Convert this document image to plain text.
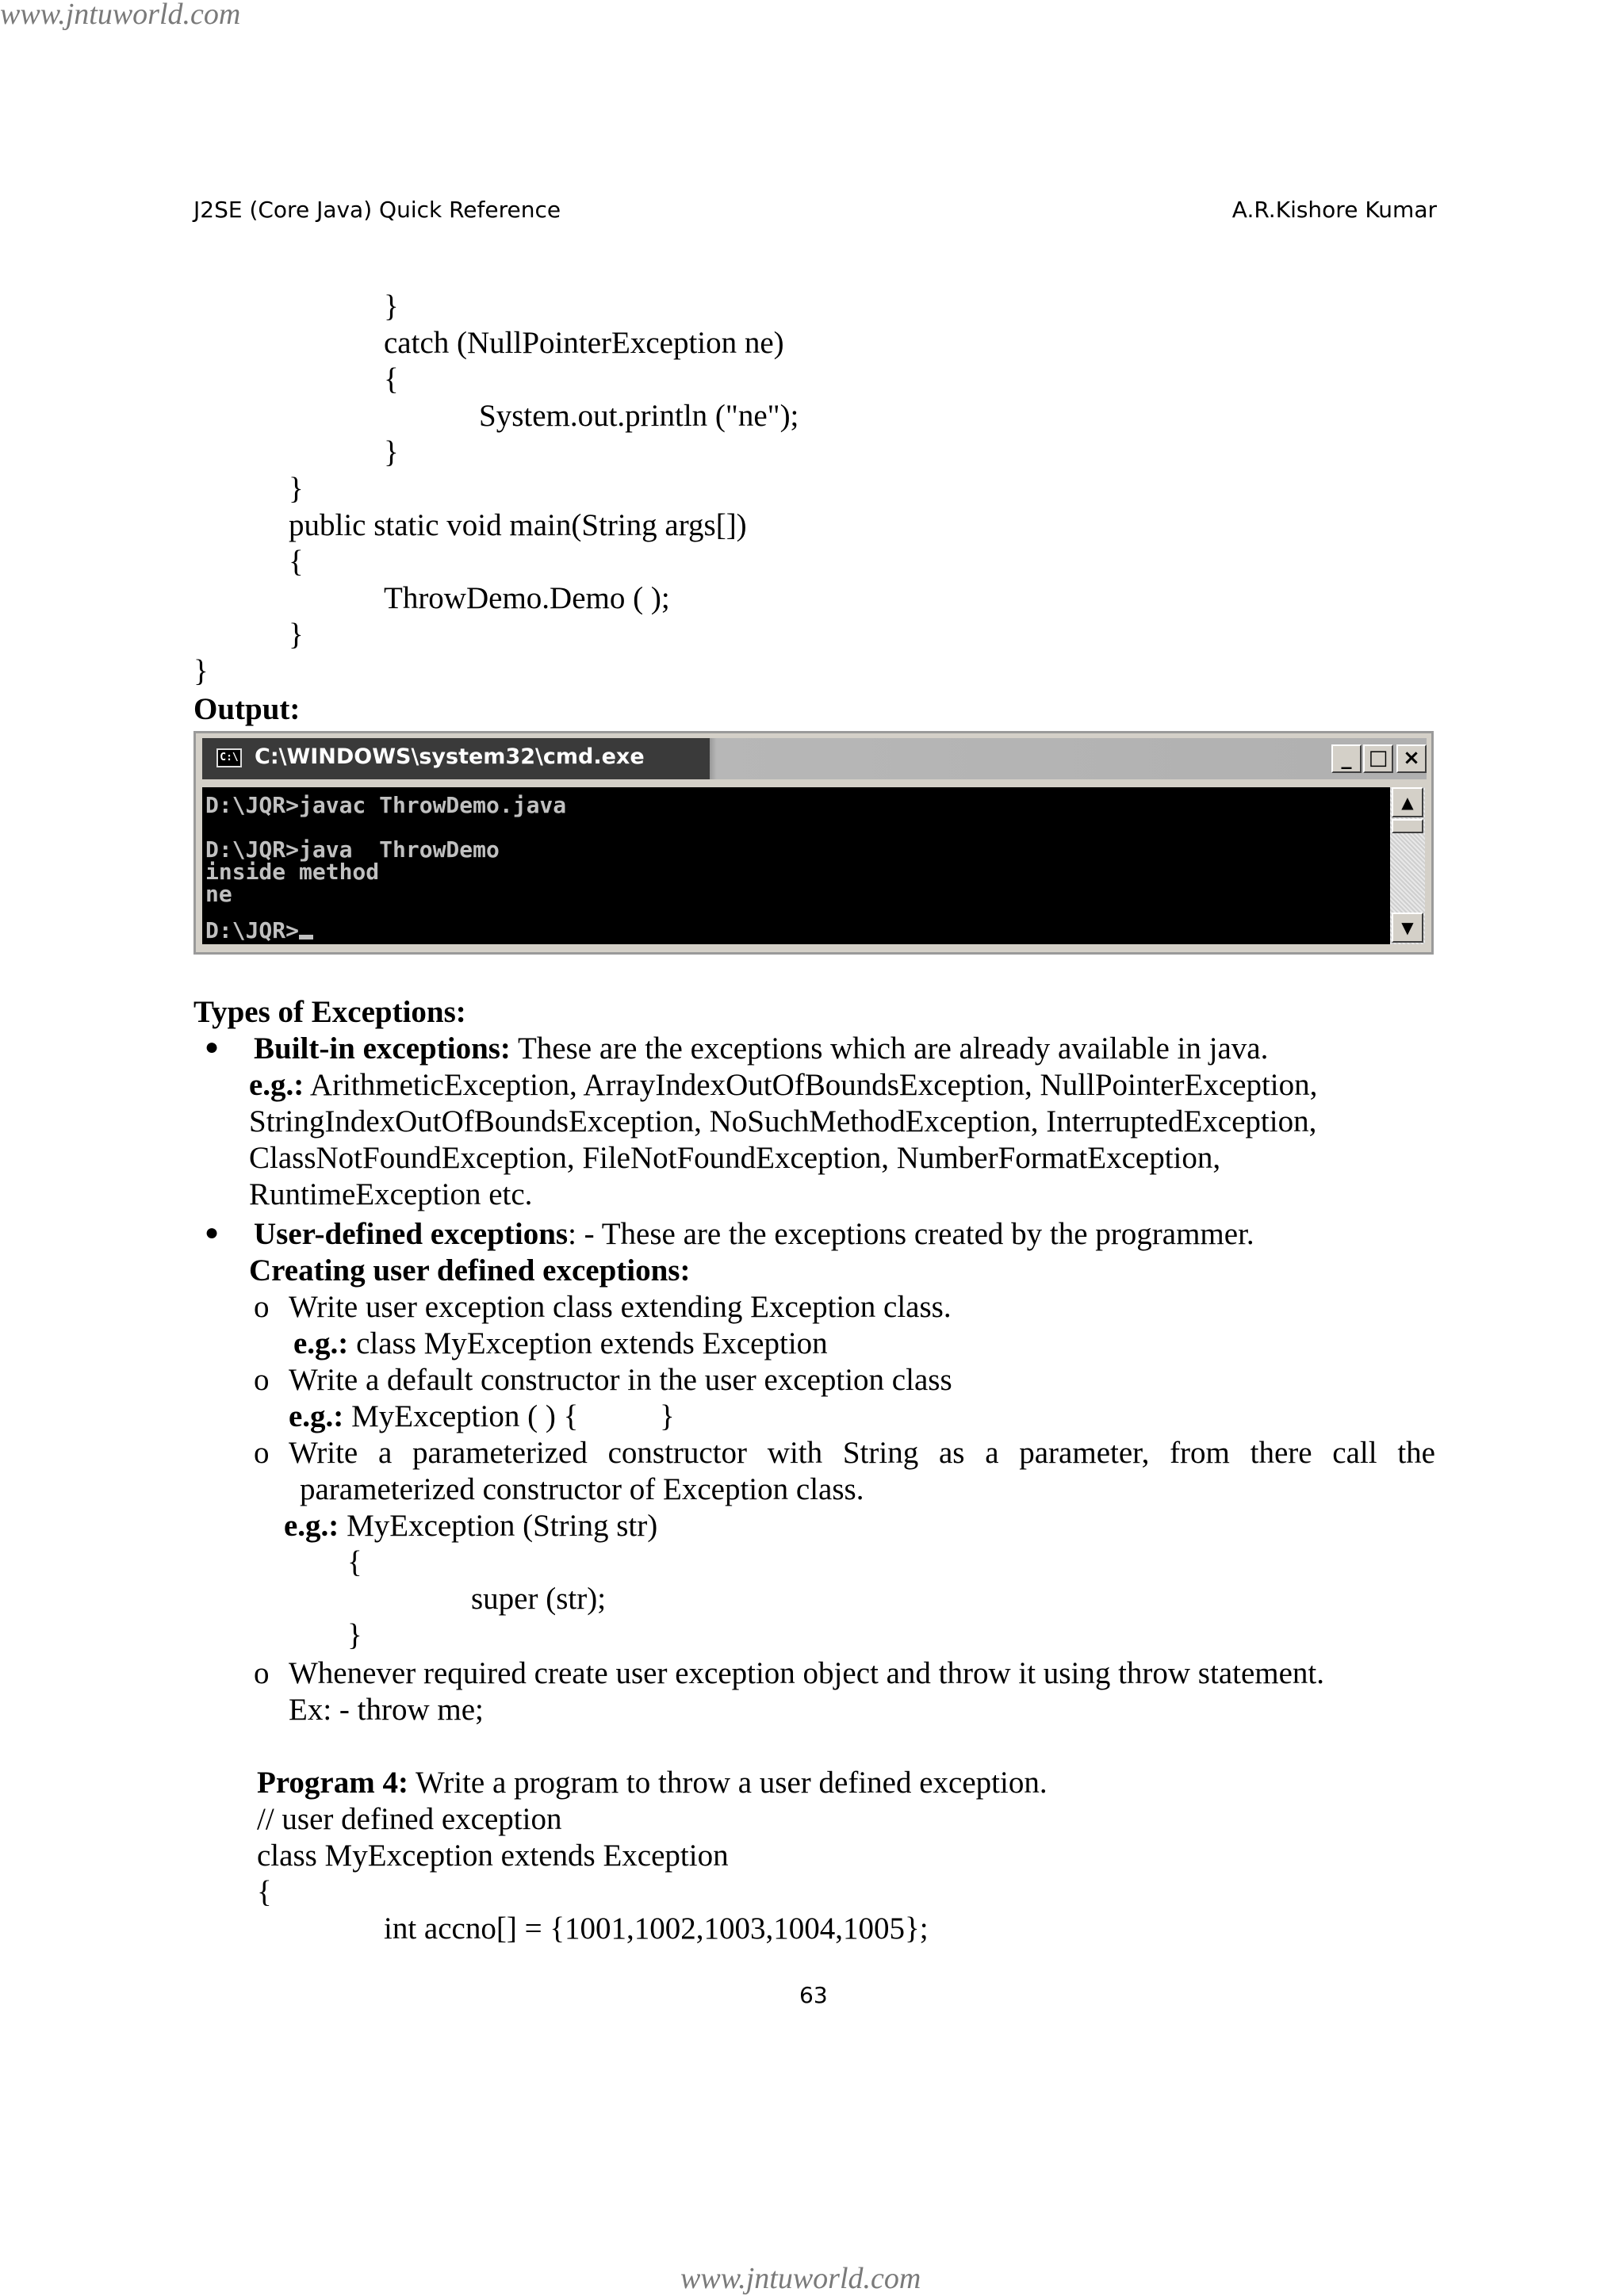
www.jntuworld.com
www.jntuworld.com
J2SE (Core Java) Quick Reference	A.R.Kishore Kumar
}
catch (NullPointerException ne)
{
System.out.println ("ne");
}
}
public static void main(String args[])
{
ThrowDemo.Demo ( );
}
}
Output:
C:\ C:\WINDOWS\system32\cmd.exe	_ □ ×
D:\JQR>javac ThrowDemo.java
D:\JQR>java  ThrowDemo
inside method
ne
D:\JQR>
▲
▼
Types of Exceptions:
● Built-in exceptions: These are the exceptions which are already available in java.
e.g.: ArithmeticException, ArrayIndexOutOfBoundsException, NullPointerException,
StringIndexOutOfBoundsException, NoSuchMethodException, InterruptedException,
ClassNotFoundException, FileNotFoundException, NumberFormatException,
RuntimeException etc.
● User-defined exceptions: - These are the exceptions created by the programmer.
Creating user defined exceptions:
o Write user exception class extending Exception class.
e.g.: class MyException extends Exception
o Write a default constructor in the user exception class
e.g.: MyException ( ) {	}
o Write a parameterized constructor with String as a parameter, from there call the
parameterized constructor of Exception class.
e.g.: MyException (String str)
{
super (str);
}
o Whenever required create user exception object and throw it using throw statement.
Ex: - throw me;
Program 4: Write a program to throw a user defined exception.
// user defined exception
class MyException extends Exception
{
int accno[] = {1001,1002,1003,1004,1005};
63
